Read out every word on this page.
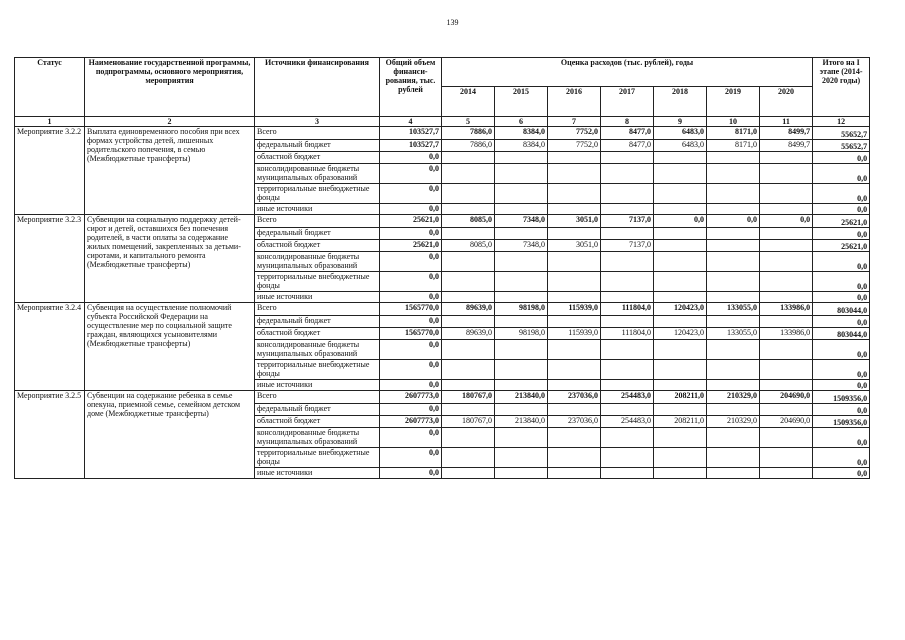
139
Статус	Наименование государственной программы, подпрограммы, основного мероприятия, мероприятия	Источники финансирования	Общий объем финанси-рования, тыс. рублей	Оценка расходов (тыс. рублей), годы							Итого на I этапе (2014-2020 годы)
				2014	2015	2016	2017	2018	2019	2020	
1	2	3	4	5	6	7	8	9	10	11	12
Мероприятие 3.2.2	Выплата единовременного пособия при всех формах устройства детей, лишенных родительского попечения, в семью (Межбюджетные трансферты)	Всего	103527,7	7886,0	8384,0	7752,0	8477,0	6483,0	8171,0	8499,7	55652,7
		федеральный бюджет	103527,7	7886,0	8384,0	7752,0	8477,0	6483,0	8171,0	8499,7	55652,7
		областной бюджет	0,0								0,0
		консолидированные бюджеты муниципальных образований	0,0								0,0
		территориальные внебюджетные фонды	0,0								0,0
		иные источники	0,0								0,0
Мероприятие 3.2.3	Субвенции на социальную поддержку детей-сирот и детей, оставшихся без попечения родителей, в части оплаты за содержание жилых помещений, закрепленных за детьми-сиротами, и капитального ремонта (Межбюджетные трансферты)	Всего	25621,0	8085,0	7348,0	3051,0	7137,0	0,0	0,0	0,0	25621,0
		федеральный бюджет	0,0								0,0
		областной бюджет	25621,0	8085,0	7348,0	3051,0	7137,0				25621,0
		консолидированные бюджеты муниципальных образований	0,0								0,0
		территориальные внебюджетные фонды	0,0								0,0
		иные источники	0,0								0,0
Мероприятие 3.2.4	Субвенция на осуществление полномочий субъекта Российской Федерации на осуществление мер по социальной защите граждан, являющихся усыновителями (Межбюджетные трансферты)	Всего	1565770,0	89639,0	98198,0	115939,0	111804,0	120423,0	133055,0	133986,0	803044,0
		федеральный бюджет	0,0								0,0
		областной бюджет	1565770,0	89639,0	98198,0	115939,0	111804,0	120423,0	133055,0	133986,0	803044,0
		консолидированные бюджеты муниципальных образований	0,0								0,0
		территориальные внебюджетные фонды	0,0								0,0
		иные источники	0,0								0,0
Мероприятие 3.2.5	Субвенции на содержание ребенка в семье опекуна, приемной семье, семейном детском доме (Межбюджетные трансферты)	Всего	2607773,0	180767,0	213840,0	237036,0	254483,0	208211,0	210329,0	204690,0	1509356,0
		федеральный бюджет	0,0								0,0
		областной бюджет	2607773,0	180767,0	213840,0	237036,0	254483,0	208211,0	210329,0	204690,0	1509356,0
		консолидированные бюджеты муниципальных образований	0,0								0,0
		территориальные внебюджетные фонды	0,0								0,0
		иные источники	0,0								0,0
